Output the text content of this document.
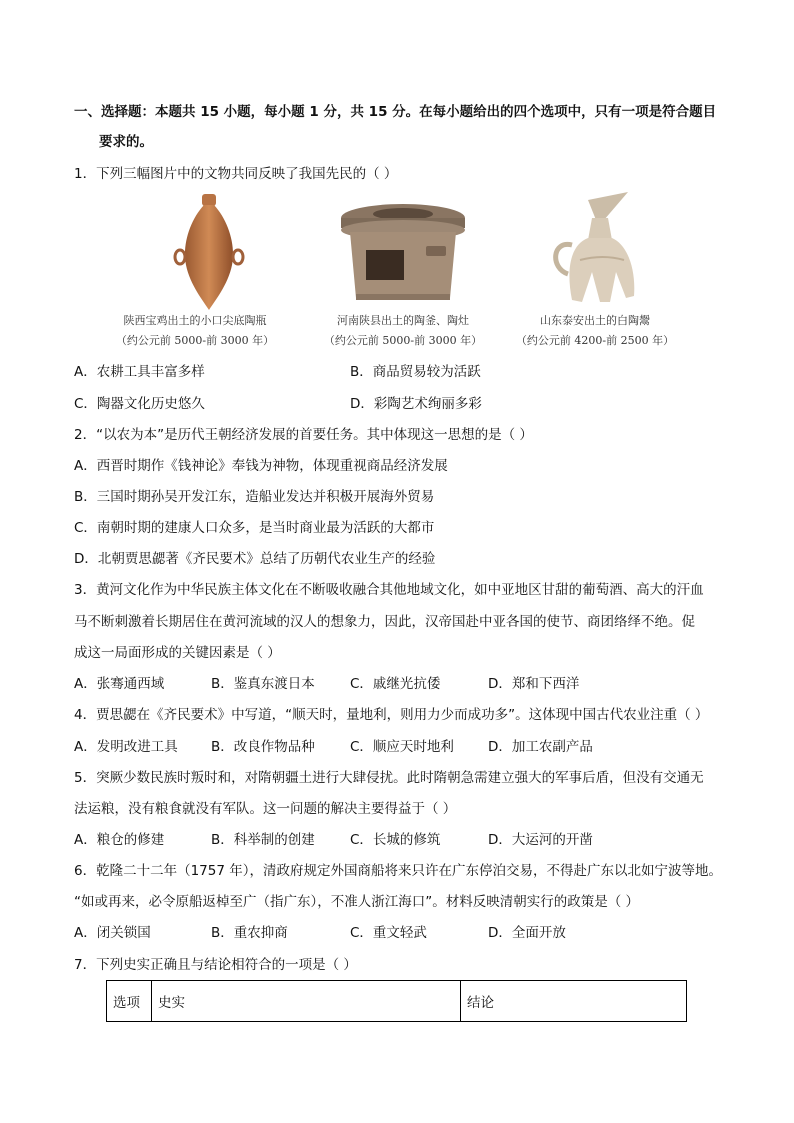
一、选择题：本题共 15 小题，每小题 1 分，共 15 分。在每小题给出的四个选项中，只有一项是符合题目
要求的。
1．下列三幅图片中的文物共同反映了我国先民的（ ）
陕西宝鸡出土的小口尖底陶瓶
（约公元前 5000-前 3000 年）
河南陕县出土的陶釜、陶灶
（约公元前 5000-前 3000 年）
山东泰安出土的白陶鬶
（约公元前 4200-前 2500 年）
A．农耕工具丰富多样	B．商品贸易较为活跃
C．陶器文化历史悠久	D．彩陶艺术绚丽多彩
2．“以农为本”是历代王朝经济发展的首要任务。其中体现这一思想的是（ ）
A．西晋时期作《钱神论》奉钱为神物，体现重视商品经济发展
B．三国时期孙吴开发江东，造船业发达并积极开展海外贸易
C．南朝时期的建康人口众多，是当时商业最为活跃的大都市
D．北朝贾思勰著《齐民要术》总结了历朝代农业生产的经验
3．黄河文化作为中华民族主体文化在不断吸收融合其他地域文化，如中亚地区甘甜的葡萄酒、高大的汗血
马不断刺激着长期居住在黄河流域的汉人的想象力，因此，汉帝国赴中亚各国的使节、商团络绎不绝。促
成这一局面形成的关键因素是（ ）
A．张骞通西域	B．鉴真东渡日本	C．戚继光抗倭	D．郑和下西洋
4．贾思勰在《齐民要术》中写道，“顺天时，量地利，则用力少而成功多”。这体现中国古代农业注重（ ）
A．发明改进工具 B．改良作物品种	C．顺应天时地利	D．加工农副产品
5．突厥少数民族时叛时和，对隋朝疆土进行大肆侵扰。此时隋朝急需建立强大的军事后盾，但没有交通无
法运粮，没有粮食就没有军队。这一问题的解决主要得益于（ ）
A．粮仓的修建	B．科举制的创建	C．长城的修筑	D．大运河的开凿
6．乾隆二十二年（1757 年），清政府规定外国商船将来只许在广东停泊交易，不得赴广东以北如宁波等地。
“如或再来，必令原船返棹至广（指广东），不准人浙江海口”。材料反映清朝实行的政策是（ ）
A．闭关锁国	B．重农抑商	C．重文轻武	D．全面开放
7．下列史实正确且与结论相符合的一项是（ ）
选项	史实	结论
